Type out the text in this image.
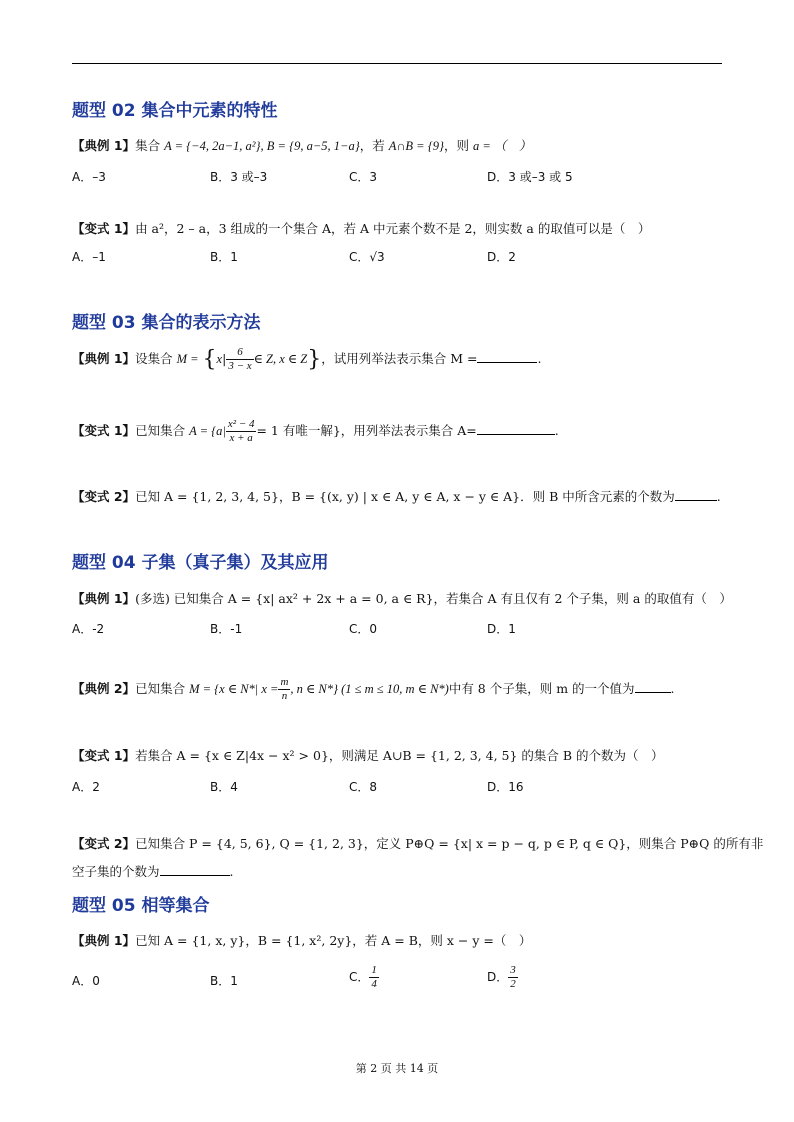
题型 02 集合中元素的特性
【典例 1】集合 A = {−4, 2a−1, a²}, B = {9, a−5, 1−a}，若 A∩B = {9}，则 a = （　）
A．–3	B．3 或–3	C．3	D．3 或–3 或 5
【变式 1】由 a²，2 – a，3 组成的一个集合 A，若 A 中元素个数不是 2，则实数 a 的取值可以是（　）
A．–1	B．1	C．√3	D．2
题型 03 集合的表示方法
【典例 1】设集合 $M = \{x| \frac{6}{3 - x}$ ∈ Z, x ∈ Z}，试用列举法表示集合 M =	.
【变式 1】已知集合 $A = \{a| \frac{\text{x² − 4}}{x + a} = 1$ 有唯一解}，用列举法表示集合 A=	.
【变式 2】已知 A = {1, 2, 3, 4, 5}，B = {(x, y) | x ∈ A, y ∈ A, x − y ∈ A}．则 B 中所含元素的个数为	.
题型 04 子集（真子集）及其应用
【典例 1】(多选) 已知集合 A = {x| ax² + 2x + a = 0, a ∈ R}，若集合 A 有且仅有 2 个子集，则 a 的取值有（　）
A．-2	B．-1	C．0	D．1
【典例 2】已知集合 M = {x ∈ N*| $x = \frac{m}{n}$ , n ∈ N*} (1 ≤ m ≤ 10, m ∈ N*)中有 8 个子集，则 m 的一个值为	.
【变式 1】若集合 A = {x ∈ Z|4x − x² > 0}，则满足 A∪B = {1, 2, 3, 4, 5} 的集合 B 的个数为（　）
A．2	B．4	C．8	D．16
【变式 2】已知集合 P = {4, 5, 6}, Q = {1, 2, 3}，定义 P⊕Q = {x| x = p − q, p ∈ P, q ∈ Q}，则集合 P⊕Q 的所有非
空子集的个数为	.
题型 05 相等集合
【典例 1】已知 A = {1, x, y}，B = {1, x², 2y}，若 A = B，则 x − y =（　）
A．0	B．1	C． $\frac{1}{4}$	D． $\frac{3}{2}$
第 2 页 共 14 页
